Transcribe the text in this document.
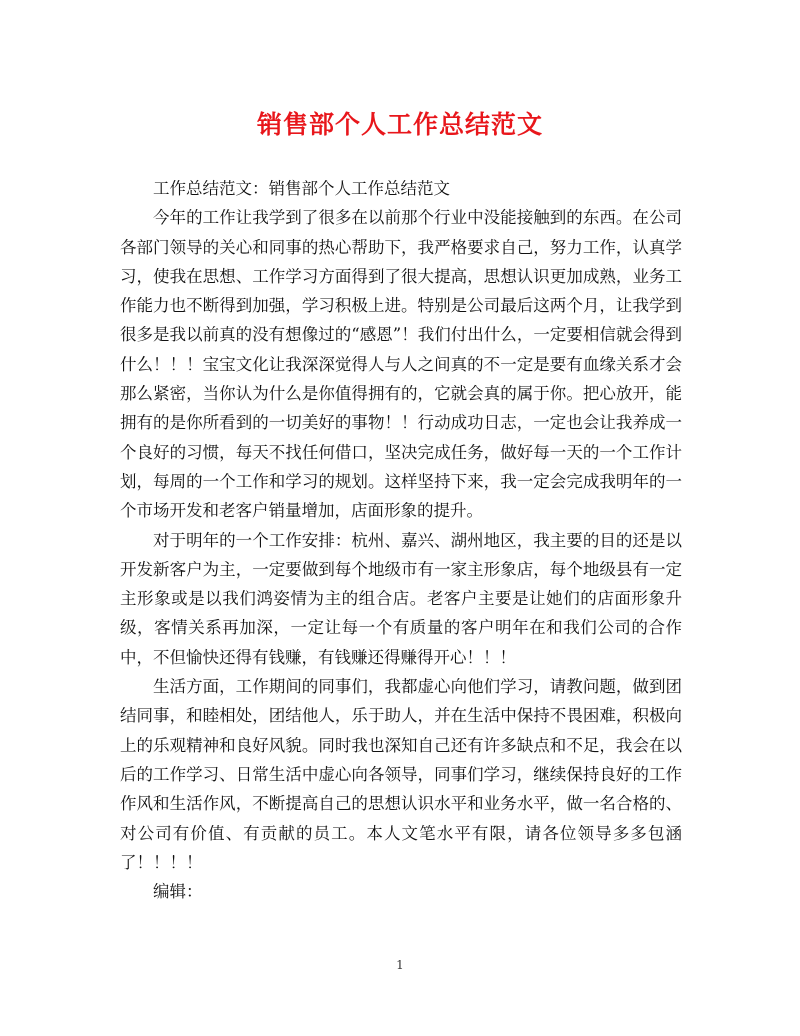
销售部个人工作总结范文

工作总结范文：销售部个人工作总结范文

今年的工作让我学到了很多在以前那个行业中没能接触到的东西。在公司各部门领导的关心和同事的热心帮助下，我严格要求自己，努力工作，认真学习，使我在思想、工作学习方面得到了很大提高，思想认识更加成熟，业务工作能力也不断得到加强，学习积极上进。特别是公司最后这两个月，让我学到很多是我以前真的没有想像过的“感恩”！我们付出什么，一定要相信就会得到什么！！！宝宝文化让我深深觉得人与人之间真的不一定是要有血缘关系才会那么紧密，当你认为什么是你值得拥有的，它就会真的属于你。把心放开，能拥有的是你所看到的一切美好的事物！！行动成功日志，一定也会让我养成一个良好的习惯，每天不找任何借口，坚决完成任务，做好每一天的一个工作计划，每周的一个工作和学习的规划。这样坚持下来，我一定会完成我明年的一个市场开发和老客户销量增加，店面形象的提升。

对于明年的一个工作安排：杭州、嘉兴、湖州地区，我主要的目的还是以开发新客户为主，一定要做到每个地级市有一家主形象店，每个地级县有一定主形象或是以我们鸿姿情为主的组合店。老客户主要是让她们的店面形象升级，客情关系再加深，一定让每一个有质量的客户明年在和我们公司的合作中，不但愉快还得有钱赚，有钱赚还得赚得开心！！！

生活方面，工作期间的同事们，我都虚心向他们学习，请教问题，做到团结同事，和睦相处，团结他人，乐于助人，并在生活中保持不畏困难，积极向上的乐观精神和良好风貌。同时我也深知自己还有许多缺点和不足，我会在以后的工作学习、日常生活中虚心向各领导，同事们学习，继续保持良好的工作作风和生活作风，不断提高自己的思想认识水平和业务水平，做一名合格的、对公司有价值、有贡献的员工。本人文笔水平有限，请各位领导多多包涵了！！！！

编辑：

1
